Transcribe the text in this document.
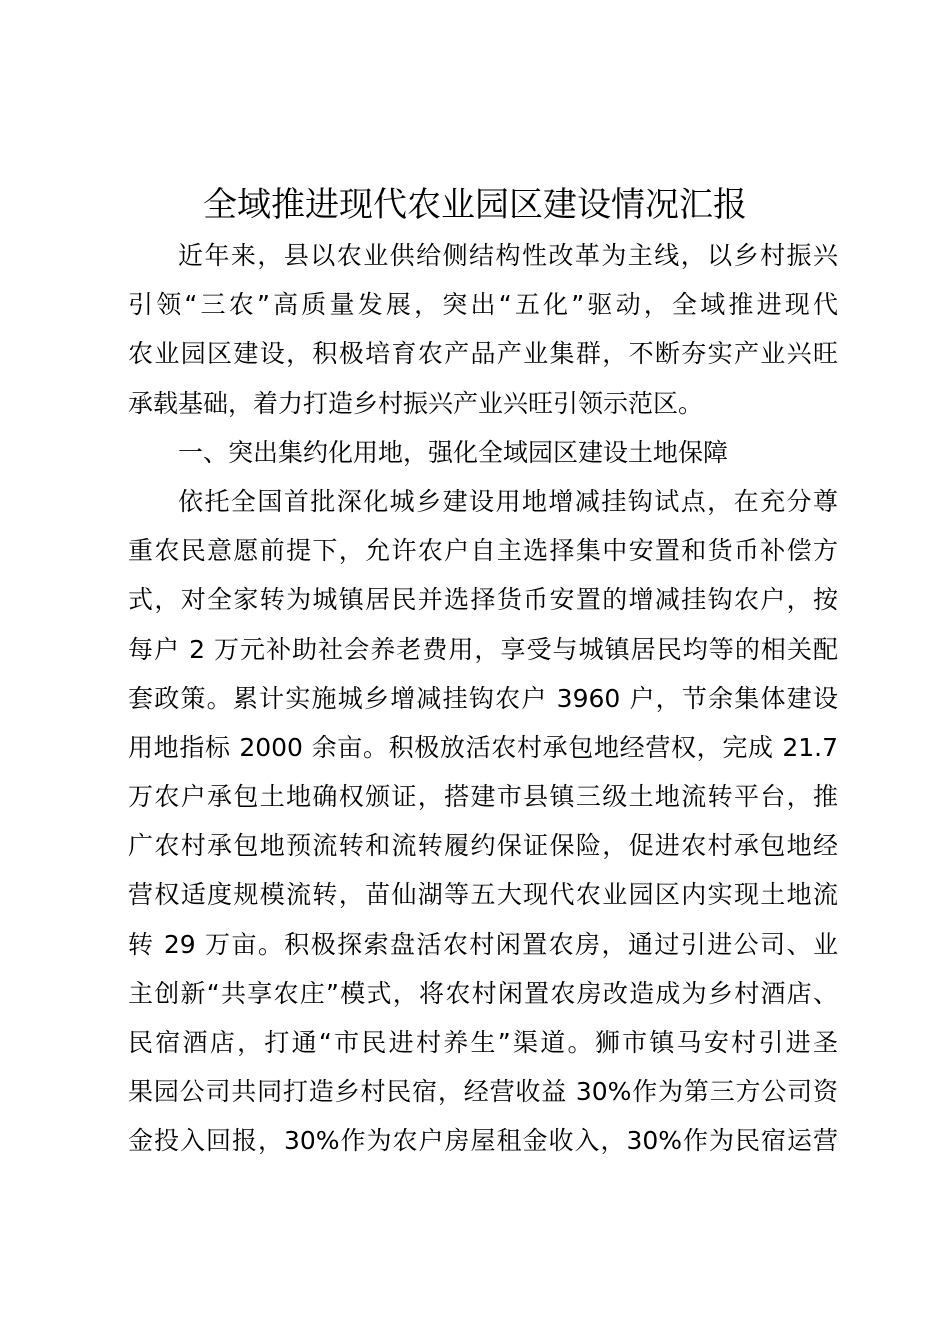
全域推进现代农业园区建设情况汇报
近年来，县以农业供给侧结构性改革为主线，以乡村振兴
引领“三农”高质量发展，突出“五化”驱动，全域推进现代
农业园区建设，积极培育农产品产业集群，不断夯实产业兴旺
承载基础，着力打造乡村振兴产业兴旺引领示范区。
一、突出集约化用地，强化全域园区建设土地保障
依托全国首批深化城乡建设用地增减挂钩试点，在充分尊
重农民意愿前提下，允许农户自主选择集中安置和货币补偿方
式，对全家转为城镇居民并选择货币安置的增减挂钩农户，按
每户 2 万元补助社会养老费用，享受与城镇居民均等的相关配
套政策。累计实施城乡增减挂钩农户 3960 户，节余集体建设
用地指标 2000 余亩。积极放活农村承包地经营权，完成 21.7
万农户承包土地确权颁证，搭建市县镇三级土地流转平台，推
广农村承包地预流转和流转履约保证保险，促进农村承包地经
营权适度规模流转，苗仙湖等五大现代农业园区内实现土地流
转 29 万亩。积极探索盘活农村闲置农房，通过引进公司、业
主创新“共享农庄”模式，将农村闲置农房改造成为乡村酒店、
民宿酒店，打通“市民进村养生”渠道。狮市镇马安村引进圣
果园公司共同打造乡村民宿，经营收益 30%作为第三方公司资
金投入回报，30%作为农户房屋租金收入，30%作为民宿运营
